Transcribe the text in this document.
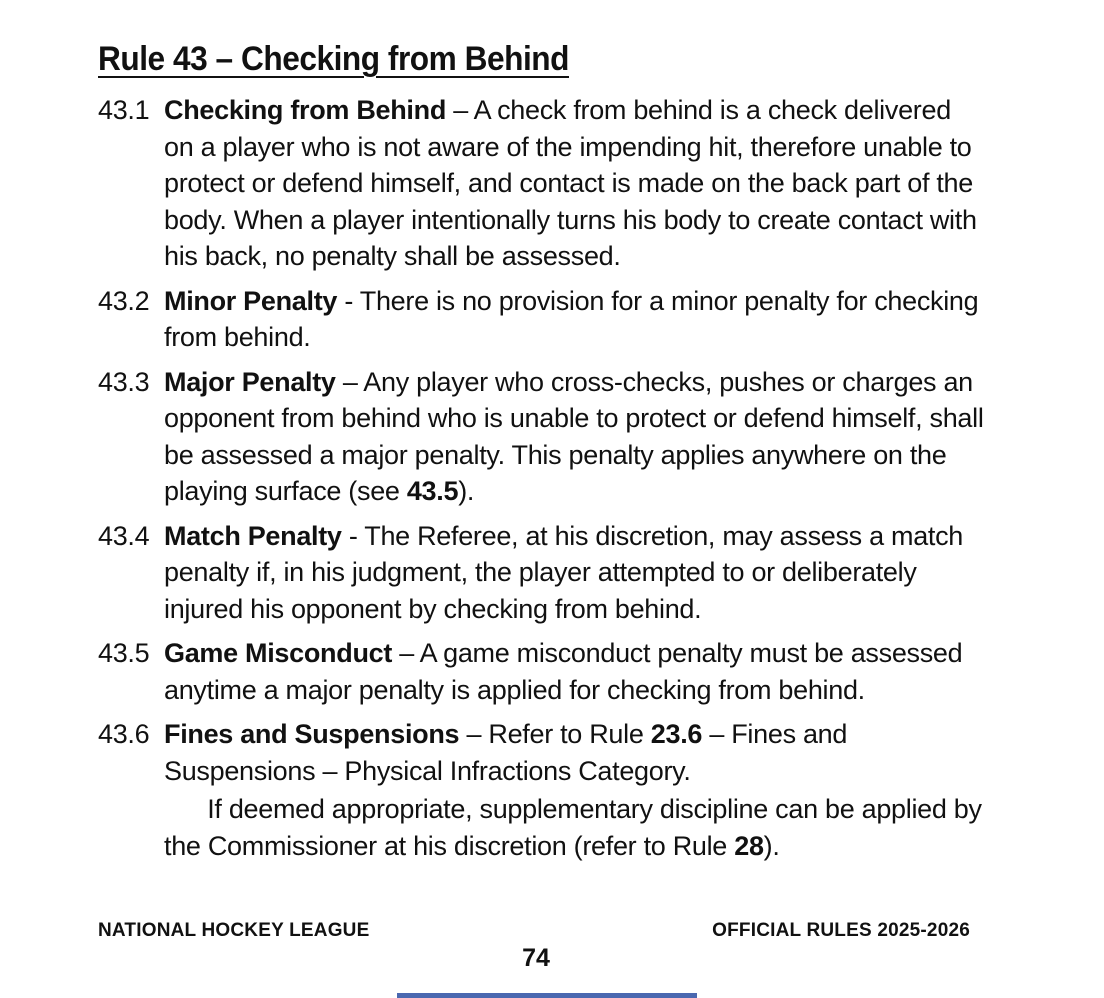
Rule 43 – Checking from Behind
43.1 Checking from Behind – A check from behind is a check delivered
on a player who is not aware of the impending hit, therefore unable to
protect or defend himself, and contact is made on the back part of the
body. When a player intentionally turns his body to create contact with
his back, no penalty shall be assessed.
43.2 Minor Penalty - There is no provision for a minor penalty for checking
from behind.
43.3 Major Penalty – Any player who cross-checks, pushes or charges an
opponent from behind who is unable to protect or defend himself, shall
be assessed a major penalty. This penalty applies anywhere on the
playing surface (see 43.5).
43.4 Match Penalty - The Referee, at his discretion, may assess a match
penalty if, in his judgment, the player attempted to or deliberately
injured his opponent by checking from behind.
43.5 Game Misconduct – A game misconduct penalty must be assessed
anytime a major penalty is applied for checking from behind.
43.6 Fines and Suspensions – Refer to Rule 23.6 – Fines and
Suspensions – Physical Infractions Category.
If deemed appropriate, supplementary discipline can be applied by
the Commissioner at his discretion (refer to Rule 28).
NATIONAL HOCKEY LEAGUE	OFFICIAL RULES 2025-2026
74
